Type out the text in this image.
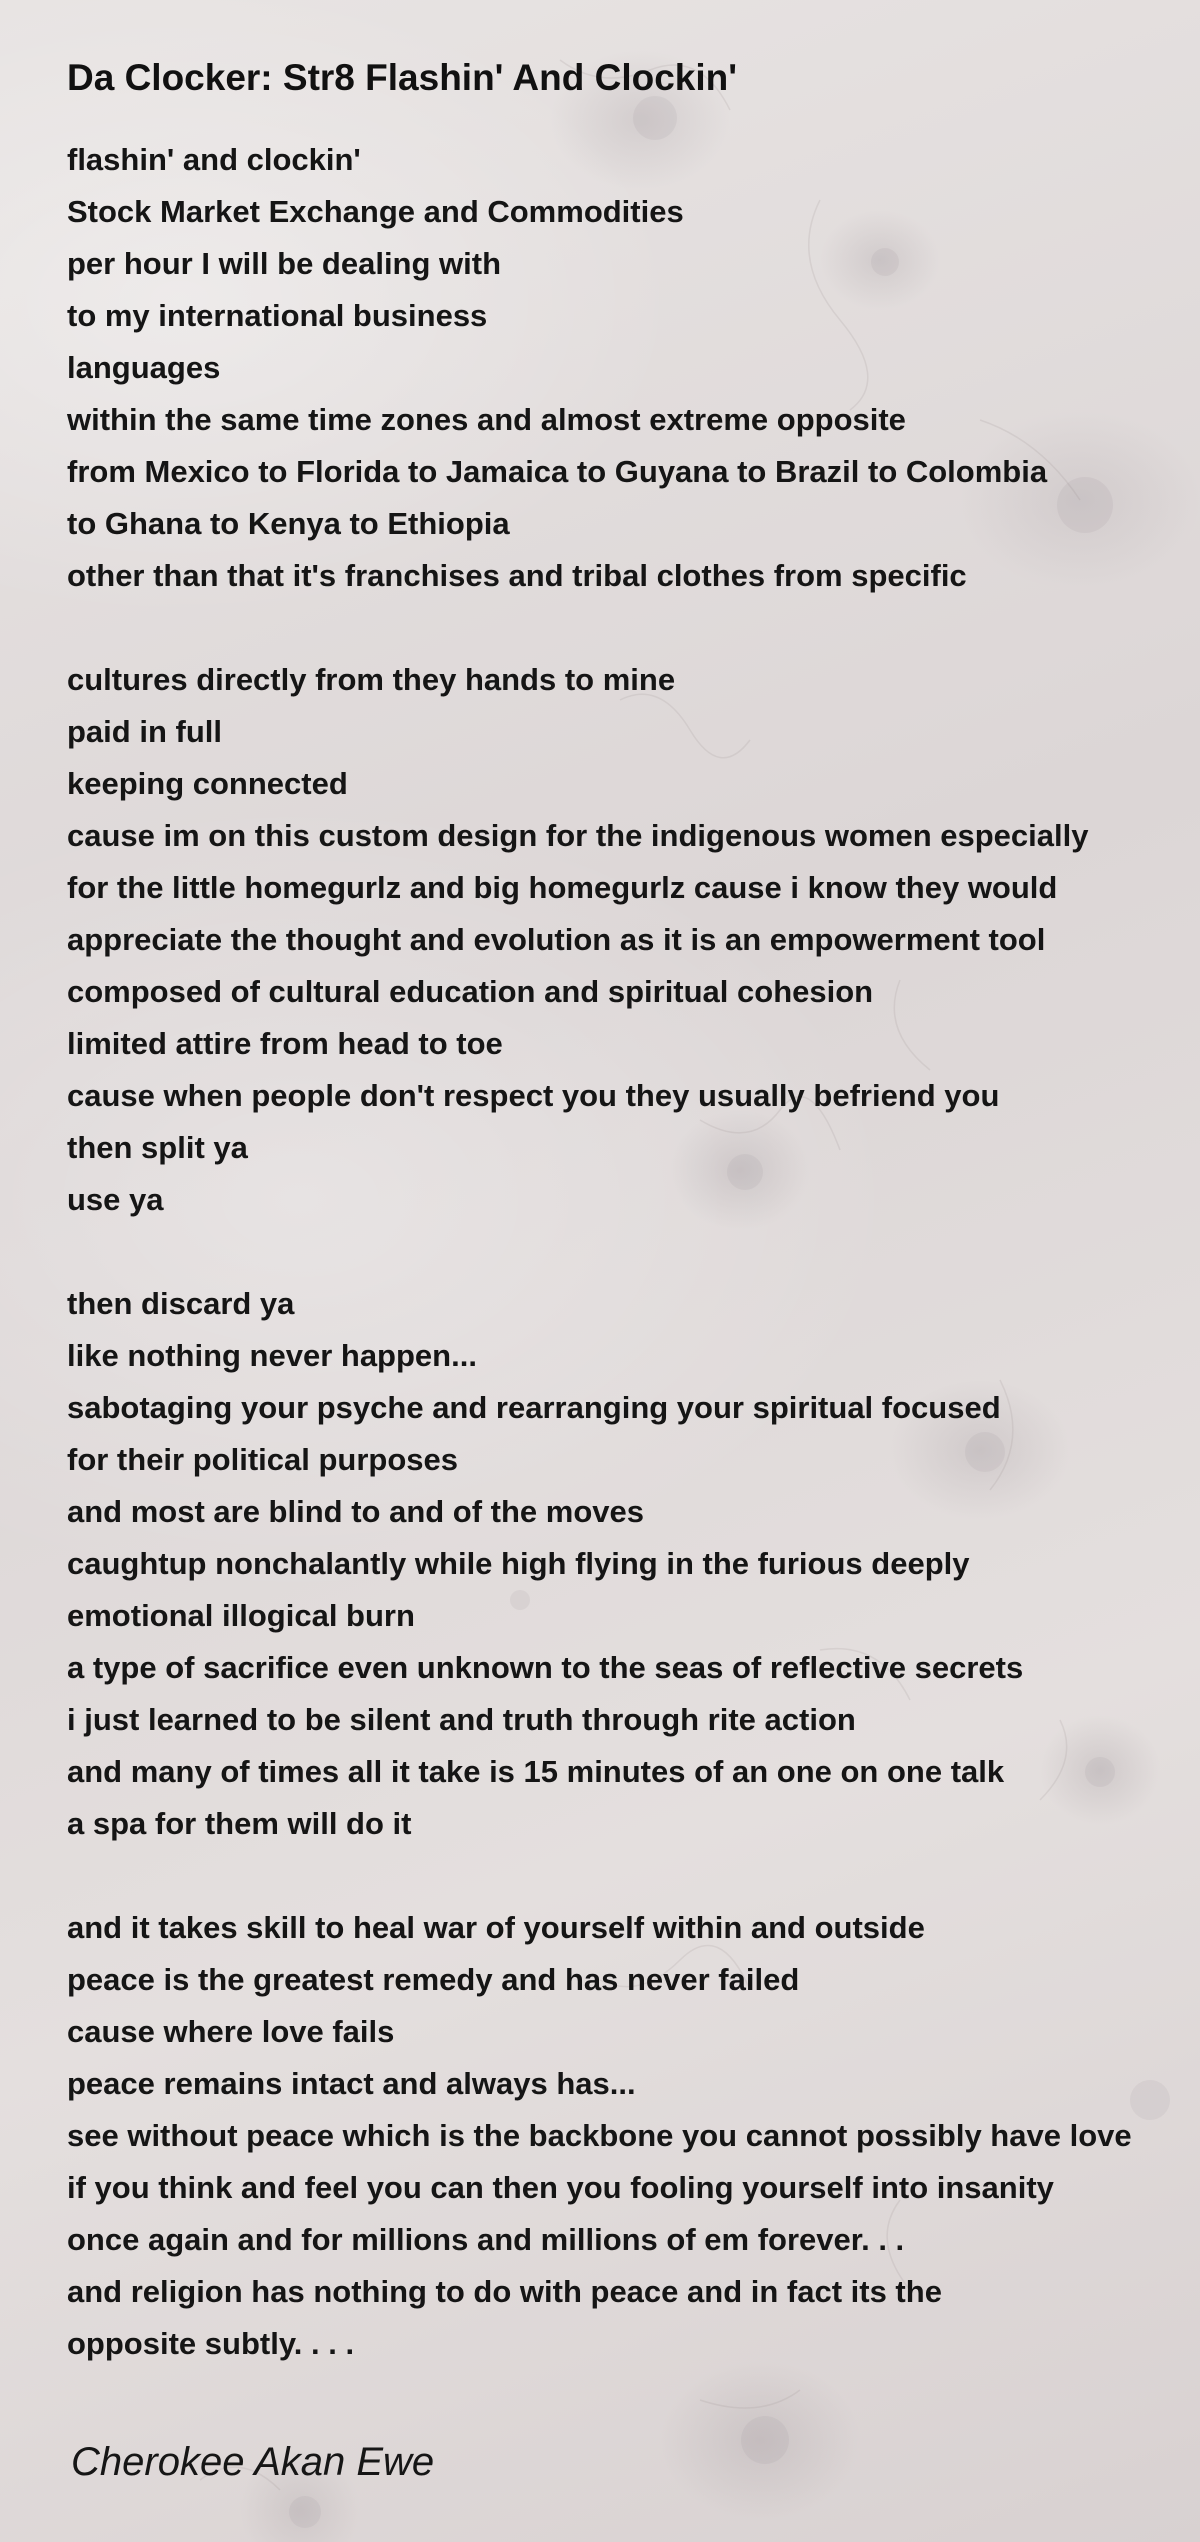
Da Clocker: Str8 Flashin' And Clockin'
flashin' and clockin'
Stock Market Exchange and Commodities
per hour I will be dealing with
to my international business
languages
within the same time zones and almost extreme opposite
from Mexico to Florida to Jamaica to Guyana to Brazil to Colombia
to Ghana to Kenya to Ethiopia
other than that it's franchises and tribal clothes from specific
cultures directly from they hands to mine
paid in full
keeping connected
cause im on this custom design for the indigenous women especially
for the little homegurlz and big homegurlz cause i know they would
appreciate the thought and evolution as it is an empowerment tool
composed of cultural education and spiritual cohesion
limited attire from head to toe
cause when people don't respect you they usually befriend you
then split ya
use ya
then discard ya
like nothing never happen...
sabotaging your psyche and rearranging your spiritual focused
for their political purposes
and most are blind to and of the moves
caughtup nonchalantly while high flying in the furious deeply
emotional illogical burn
a type of sacrifice even unknown to the seas of reflective secrets
i just learned to be silent and truth through rite action
and many of times all it take is 15 minutes of an one on one talk
a spa for them will do it
and it takes skill to heal war of yourself within and outside
peace is the greatest remedy and has never failed
cause where love fails
peace remains intact and always has...
see without peace which is the backbone you cannot possibly have love
if you think and feel you can then you fooling yourself into insanity
once again and for millions and millions of em forever. . .
and religion has nothing to do with peace and in fact its the
opposite subtly. . . .
Cherokee Akan Ewe
